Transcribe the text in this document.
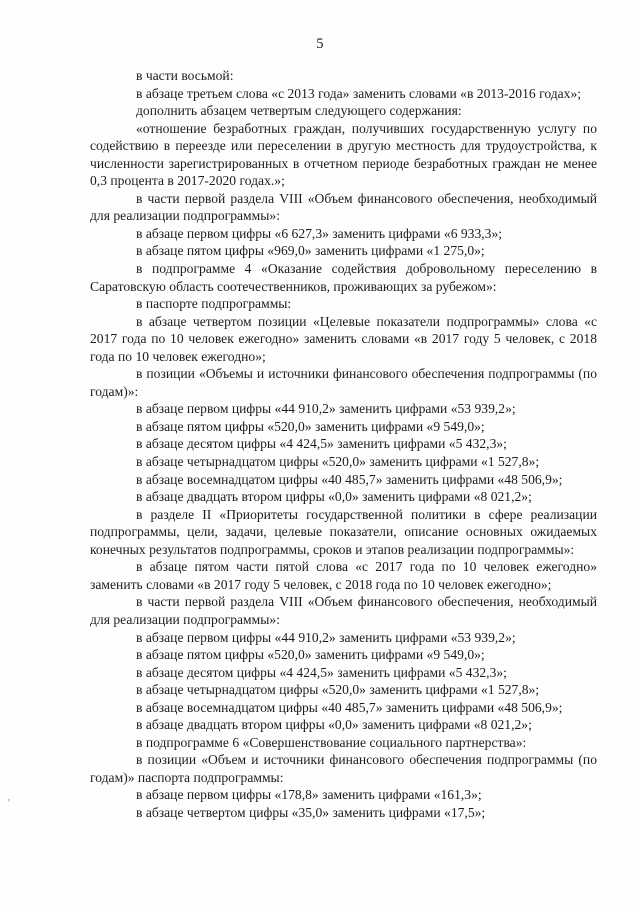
5

в части восьмой:

в абзаце третьем слова «с 2013 года» заменить словами «в 2013-2016 годах»;

дополнить абзацем четвертым следующего содержания:

«отношение безработных граждан, получивших государственную услугу по содействию в переезде или переселении в другую местность для трудоустройства, к численности зарегистрированных в отчетном периоде безработных граждан не менее 0,3 процента в 2017-2020 годах.»;

в части первой раздела VIII «Объем финансового обеспечения, необходимый для реализации подпрограммы»:

в абзаце первом цифры «6 627,3» заменить цифрами «6 933,3»;

в абзаце пятом цифры «969,0» заменить цифрами «1 275,0»;

в подпрограмме 4 «Оказание содействия добровольному переселению в Саратовскую область соотечественников, проживающих за рубежом»:

в паспорте подпрограммы:

в абзаце четвертом позиции «Целевые показатели подпрограммы» слова «с 2017 года по 10 человек ежегодно» заменить словами «в 2017 году 5 человек, с 2018 года по 10 человек ежегодно»;

в позиции «Объемы и источники финансового обеспечения подпрограммы (по годам)»:

в абзаце первом цифры «44 910,2» заменить цифрами «53 939,2»;

в абзаце пятом цифры «520,0» заменить цифрами «9 549,0»;

в абзаце десятом цифры «4 424,5» заменить цифрами «5 432,3»;

в абзаце четырнадцатом цифры «520,0» заменить цифрами «1 527,8»;

в абзаце восемнадцатом цифры «40 485,7» заменить цифрами «48 506,9»;

в абзаце двадцать втором цифры «0,0» заменить цифрами «8 021,2»;

в разделе II «Приоритеты государственной политики в сфере реализации подпрограммы, цели, задачи, целевые показатели, описание основных ожидаемых конечных результатов подпрограммы, сроков и этапов реализации подпрограммы»:

в абзаце пятом части пятой слова «с 2017 года по 10 человек ежегодно» заменить словами «в 2017 году 5 человек, с 2018 года по 10 человек ежегодно»;

в части первой раздела VIII «Объем финансового обеспечения, необходимый для реализации подпрограммы»:

в абзаце первом цифры «44 910,2» заменить цифрами «53 939,2»;

в абзаце пятом цифры «520,0» заменить цифрами «9 549,0»;

в абзаце десятом цифры «4 424,5» заменить цифрами «5 432,3»;

в абзаце четырнадцатом цифры «520,0» заменить цифрами «1 527,8»;

в абзаце восемнадцатом цифры «40 485,7» заменить цифрами «48 506,9»;

в абзаце двадцать втором цифры «0,0» заменить цифрами «8 021,2»;

в подпрограмме 6 «Совершенствование социального партнерства»:

в позиции «Объем и источники финансового обеспечения подпрограммы (по годам)» паспорта подпрограммы:

в абзаце первом цифры «178,8» заменить цифрами «161,3»;

в абзаце четвертом цифры «35,0» заменить цифрами «17,5»;

'
